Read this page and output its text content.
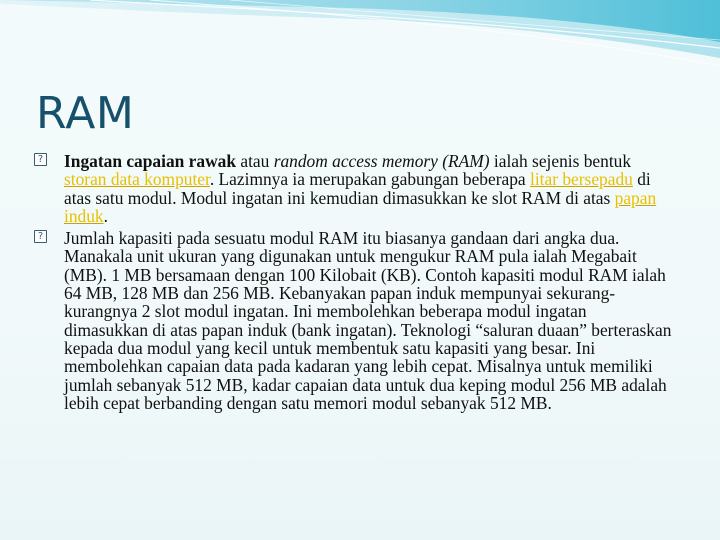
RAM

?
Ingatan capaian rawak atau random access memory (RAM) ialah sejenis bentuk storan data komputer. Lazimnya ia merupakan gabungan beberapa litar bersepadu di atas satu modul. Modul ingatan ini kemudian dimasukkan ke slot RAM di atas papan induk.

?
Jumlah kapasiti pada sesuatu modul RAM itu biasanya gandaan dari angka dua. Manakala unit ukuran yang digunakan untuk mengukur RAM pula ialah Megabait (MB). 1 MB bersamaan dengan 100 Kilobait (KB). Contoh kapasiti modul RAM ialah 64 MB, 128 MB dan 256 MB. Kebanyakan papan induk mempunyai sekurang-kurangnya 2 slot modul ingatan. Ini membolehkan beberapa modul ingatan dimasukkan di atas papan induk (bank ingatan). Teknologi “saluran duaan” berteraskan kepada dua modul yang kecil untuk membentuk satu kapasiti yang besar. Ini membolehkan capaian data pada kadaran yang lebih cepat. Misalnya untuk memiliki jumlah sebanyak 512 MB, kadar capaian data untuk dua keping modul 256 MB adalah lebih cepat berbanding dengan satu memori modul sebanyak 512 MB.
